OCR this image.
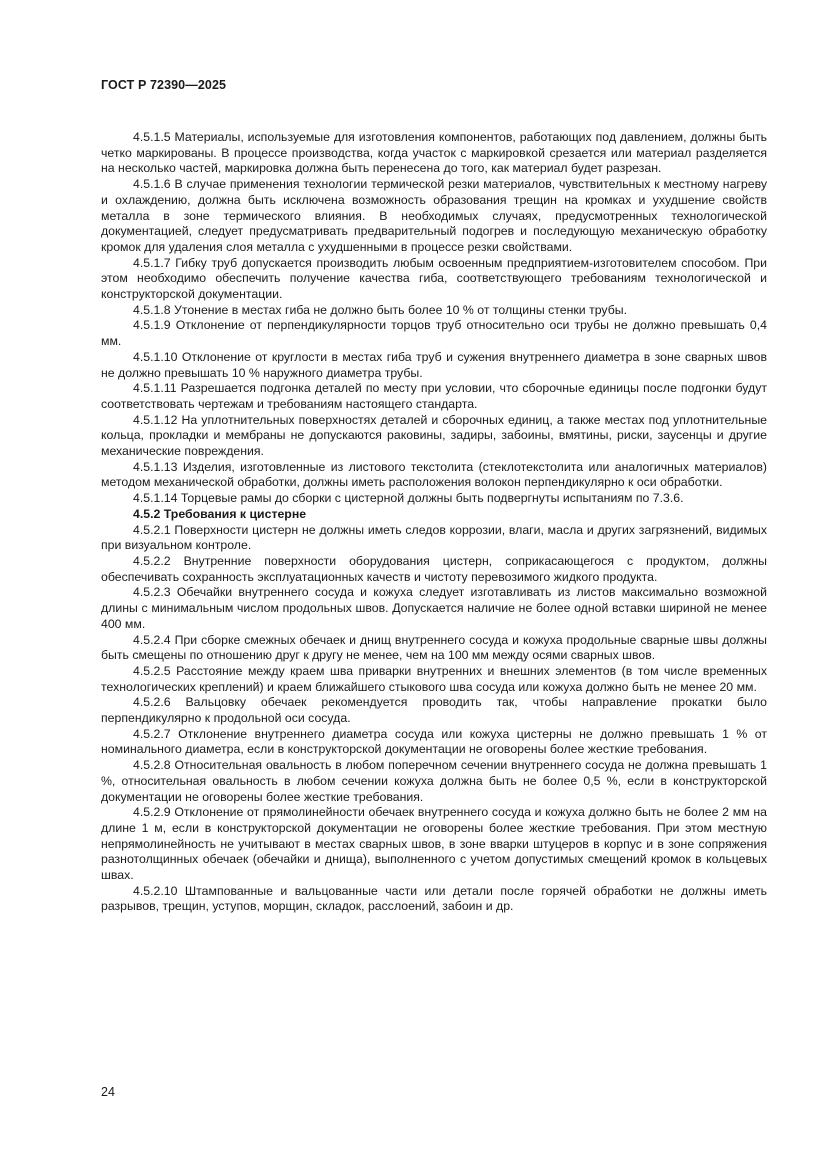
ГОСТ Р 72390—2025

4.5.1.5 Материалы, используемые для изготовления компонентов, работающих под давлением, должны быть четко маркированы. В процессе производства, когда участок с маркировкой срезается или материал разделяется на несколько частей, маркировка должна быть перенесена до того, как материал будет разрезан.

4.5.1.6 В случае применения технологии термической резки материалов, чувствительных к местному нагреву и охлаждению, должна быть исключена возможность образования трещин на кромках и ухудшение свойств металла в зоне термического влияния. В необходимых случаях, предусмотренных технологической документацией, следует предусматривать предварительный подогрев и последующую механическую обработку кромок для удаления слоя металла с ухудшенными в процессе резки свойствами.

4.5.1.7 Гибку труб допускается производить любым освоенным предприятием-изготовителем способом. При этом необходимо обеспечить получение качества гиба, соответствующего требованиям технологической и конструкторской документации.

4.5.1.8 Утонение в местах гиба не должно быть более 10 % от толщины стенки трубы.

4.5.1.9 Отклонение от перпендикулярности торцов труб относительно оси трубы не должно превышать 0,4 мм.

4.5.1.10 Отклонение от круглости в местах гиба труб и сужения внутреннего диаметра в зоне сварных швов не должно превышать 10 % наружного диаметра трубы.

4.5.1.11 Разрешается подгонка деталей по месту при условии, что сборочные единицы после подгонки будут соответствовать чертежам и требованиям настоящего стандарта.

4.5.1.12 На уплотнительных поверхностях деталей и сборочных единиц, а также местах под уплотнительные кольца, прокладки и мембраны не допускаются раковины, задиры, забоины, вмятины, риски, заусенцы и другие механические повреждения.

4.5.1.13 Изделия, изготовленные из листового текстолита (стеклотекстолита или аналогичных материалов) методом механической обработки, должны иметь расположения волокон перпендикулярно к оси обработки.

4.5.1.14 Торцевые рамы до сборки с цистерной должны быть подвергнуты испытаниям по 7.3.6.

4.5.2 Требования к цистерне

4.5.2.1 Поверхности цистерн не должны иметь следов коррозии, влаги, масла и других загрязнений, видимых при визуальном контроле.

4.5.2.2 Внутренние поверхности оборудования цистерн, соприкасающегося с продуктом, должны обеспечивать сохранность эксплуатационных качеств и чистоту перевозимого жидкого продукта.

4.5.2.3 Обечайки внутреннего сосуда и кожуха следует изготавливать из листов максимально возможной длины с минимальным числом продольных швов. Допускается наличие не более одной вставки шириной не менее 400 мм.

4.5.2.4 При сборке смежных обечаек и днищ внутреннего сосуда и кожуха продольные сварные швы должны быть смещены по отношению друг к другу не менее, чем на 100 мм между осями сварных швов.

4.5.2.5 Расстояние между краем шва приварки внутренних и внешних элементов (в том числе временных технологических креплений) и краем ближайшего стыкового шва сосуда или кожуха должно быть не менее 20 мм.

4.5.2.6 Вальцовку обечаек рекомендуется проводить так, чтобы направление прокатки было перпендикулярно к продольной оси сосуда.

4.5.2.7 Отклонение внутреннего диаметра сосуда или кожуха цистерны не должно превышать 1 % от номинального диаметра, если в конструкторской документации не оговорены более жесткие требования.

4.5.2.8 Относительная овальность в любом поперечном сечении внутреннего сосуда не должна превышать 1 %, относительная овальность в любом сечении кожуха должна быть не более 0,5 %, если в конструкторской документации не оговорены более жесткие требования.

4.5.2.9 Отклонение от прямолинейности обечаек внутреннего сосуда и кожуха должно быть не более 2 мм на длине 1 м, если в конструкторской документации не оговорены более жесткие требования. При этом местную непрямолинейность не учитывают в местах сварных швов, в зоне вварки штуцеров в корпус и в зоне сопряжения разнотолщинных обечаек (обечайки и днища), выполненного с учетом допустимых смещений кромок в кольцевых швах.

4.5.2.10 Штампованные и вальцованные части или детали после горячей обработки не должны иметь разрывов, трещин, уступов, морщин, складок, расслоений, забоин и др.

24
